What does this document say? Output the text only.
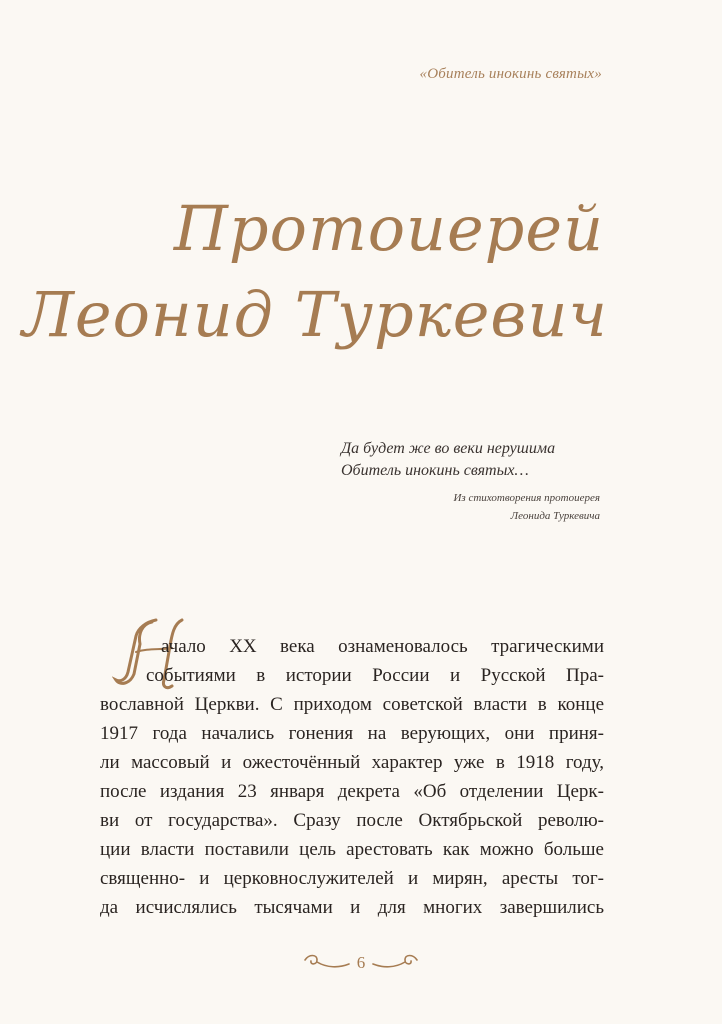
«Обитель инокинь святых»
Протоиерей
Леонид Туркевич
Да будет же во веки нерушима
Обитель инокинь святых…
Из стихотворения протоиерея
Леонида Туркевича
Н
ачало XX века ознаменовалось трагическими
событиями в истории России и Русской Пра-
вославной Церкви. С приходом советской власти в конце
1917 года начались гонения на верующих, они приня-
ли массовый и ожесточённый характер уже в 1918 году,
после издания 23 января декрета «Об отделении Церк-
ви от государства». Сразу после Октябрьской револю-
ции власти поставили цель арестовать как можно больше
священно- и церковнослужителей и мирян, аресты тог-
да исчислялись тысячами и для многих завершились
6
